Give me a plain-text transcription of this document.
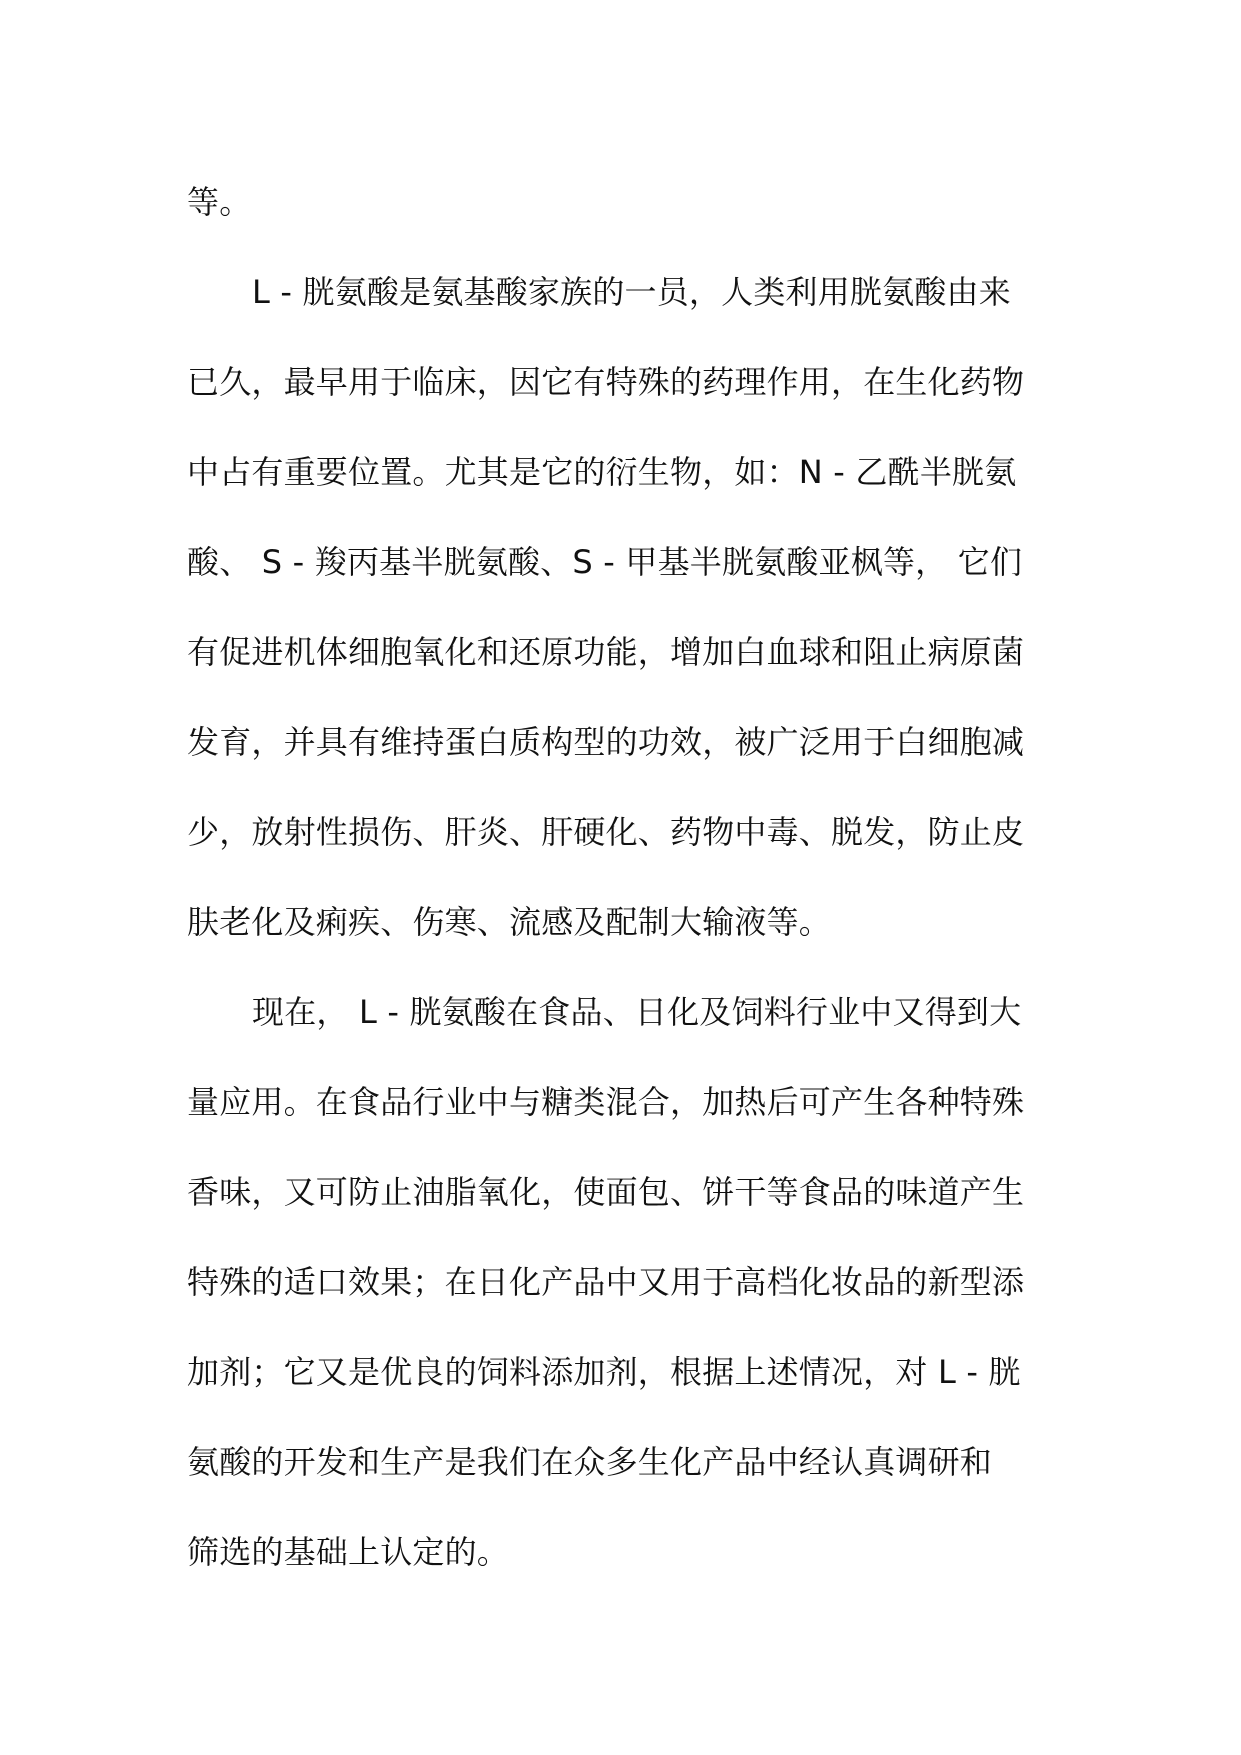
等。
L - 胱氨酸是氨基酸家族的一员，人类利用胱氨酸由来
已久，最早用于临床，因它有特殊的药理作用，在生化药物
中占有重要位置。尤其是它的衍生物，如：N - 乙酰半胱氨
酸、 S - 羧丙基半胱氨酸、S - 甲基半胱氨酸亚枫等， 它们
有促进机体细胞氧化和还原功能，增加白血球和阻止病原菌
发育，并具有维持蛋白质构型的功效，被广泛用于白细胞减
少，放射性损伤、肝炎、肝硬化、药物中毒、脱发，防止皮
肤老化及痢疾、伤寒、流感及配制大输液等。
现在， L - 胱氨酸在食品、日化及饲料行业中又得到大
量应用。在食品行业中与糖类混合，加热后可产生各种特殊
香味，又可防止油脂氧化，使面包、饼干等食品的味道产生
特殊的适口效果；在日化产品中又用于高档化妆品的新型添
加剂；它又是优良的饲料添加剂，根据上述情况，对 L - 胱
氨酸的开发和生产是我们在众多生化产品中经认真调研和
筛选的基础上认定的。
